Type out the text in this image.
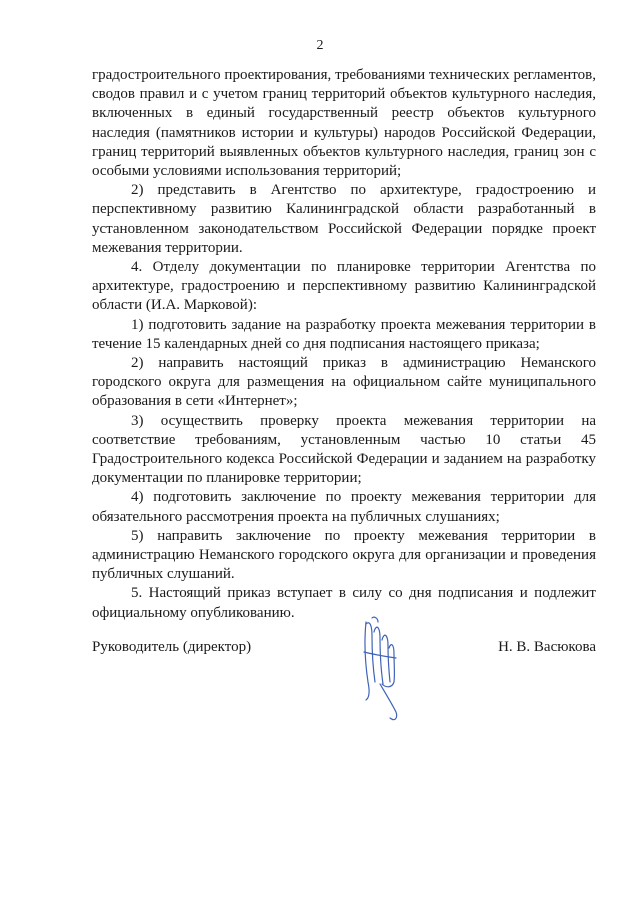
2

градостроительного проектирования, требованиями технических регламентов, сводов правил и с учетом границ территорий объектов культурного наследия, включенных в единый государственный реестр объектов культурного наследия (памятников истории и культуры) народов Российской Федерации, границ территорий выявленных объектов культурного наследия, границ зон с особыми условиями использования территорий;

2) представить в Агентство по архитектуре, градостроению и перспективному развитию Калининградской области разработанный в установленном законодательством Российской Федерации порядке проект межевания территории.

4. Отделу документации по планировке территории Агентства по архитектуре, градостроению и перспективному развитию Калининградской области (И.А. Марковой):

1) подготовить задание на разработку проекта межевания территории в течение 15 календарных дней со дня подписания настоящего приказа;

2) направить настоящий приказ в администрацию Неманского городского округа для размещения на официальном сайте муниципального образования в сети «Интернет»;

3) осуществить проверку проекта межевания территории на соответствие требованиям, установленным частью 10 статьи 45 Градостроительного кодекса Российской Федерации и заданием на разработку документации по планировке территории;

4) подготовить заключение по проекту межевания территории для обязательного рассмотрения проекта на публичных слушаниях;

5) направить заключение по проекту межевания территории в администрацию Неманского городского округа для организации и проведения публичных слушаний.

5. Настоящий приказ вступает в силу со дня подписания и подлежит официальному опубликованию.

Руководитель (директор)	Н. В. Васюкова
